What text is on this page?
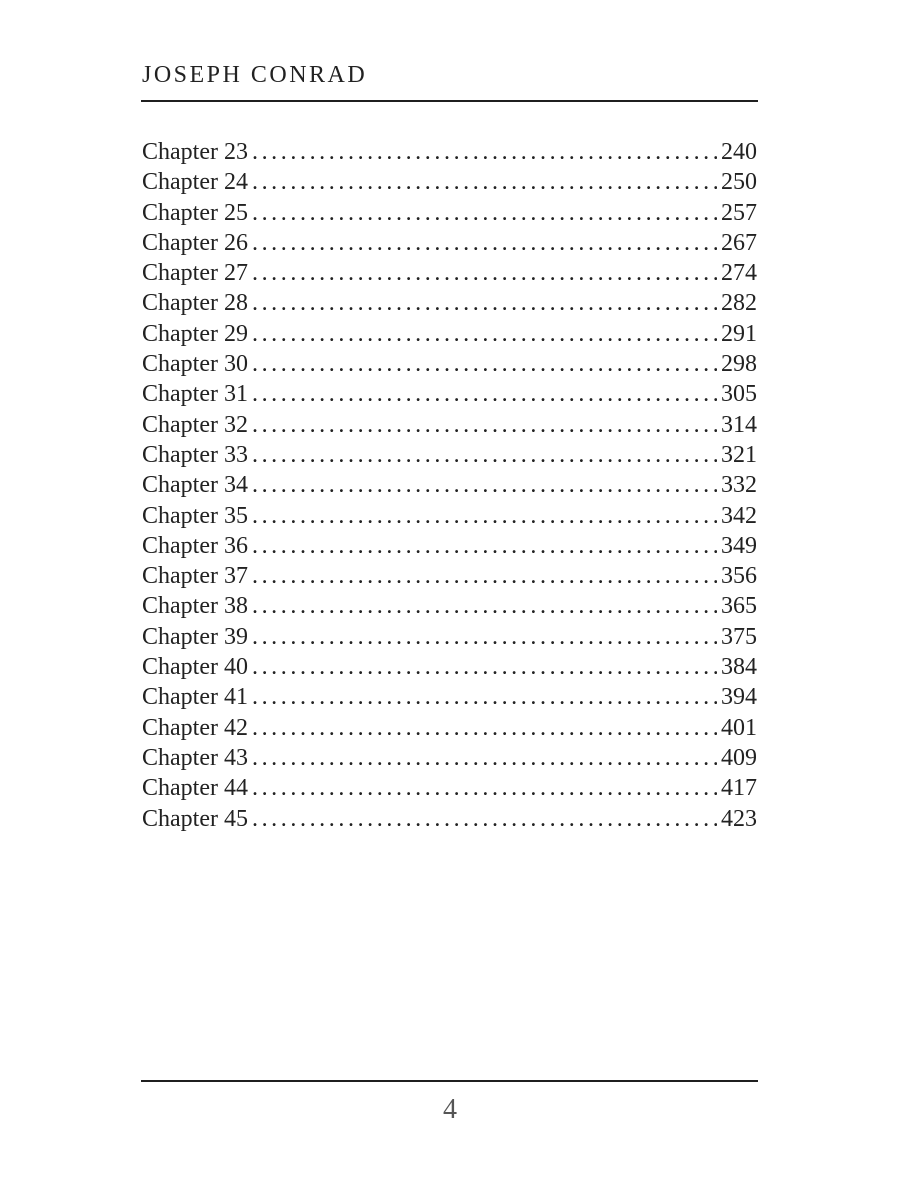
JOSEPH CONRAD
Chapter 23 . . .	240
Chapter 24 . . .	250
Chapter 25 . . .	257
Chapter 26 . . .	267
Chapter 27 . . .	274
Chapter 28 . . .	282
Chapter 29 . . .	291
Chapter 30 . . .	298
Chapter 31 . . .	305
Chapter 32 . . .	314
Chapter 33 . . .	321
Chapter 34 . . .	332
Chapter 35 . . .	342
Chapter 36 . . .	349
Chapter 37 . . .	356
Chapter 38 . . .	365
Chapter 39 . . .	375
Chapter 40 . . .	384
Chapter 41 . . .	394
Chapter 42 . . .	401
Chapter 43 . . .	409
Chapter 44 . . .	417
Chapter 45 . . .	423
4
